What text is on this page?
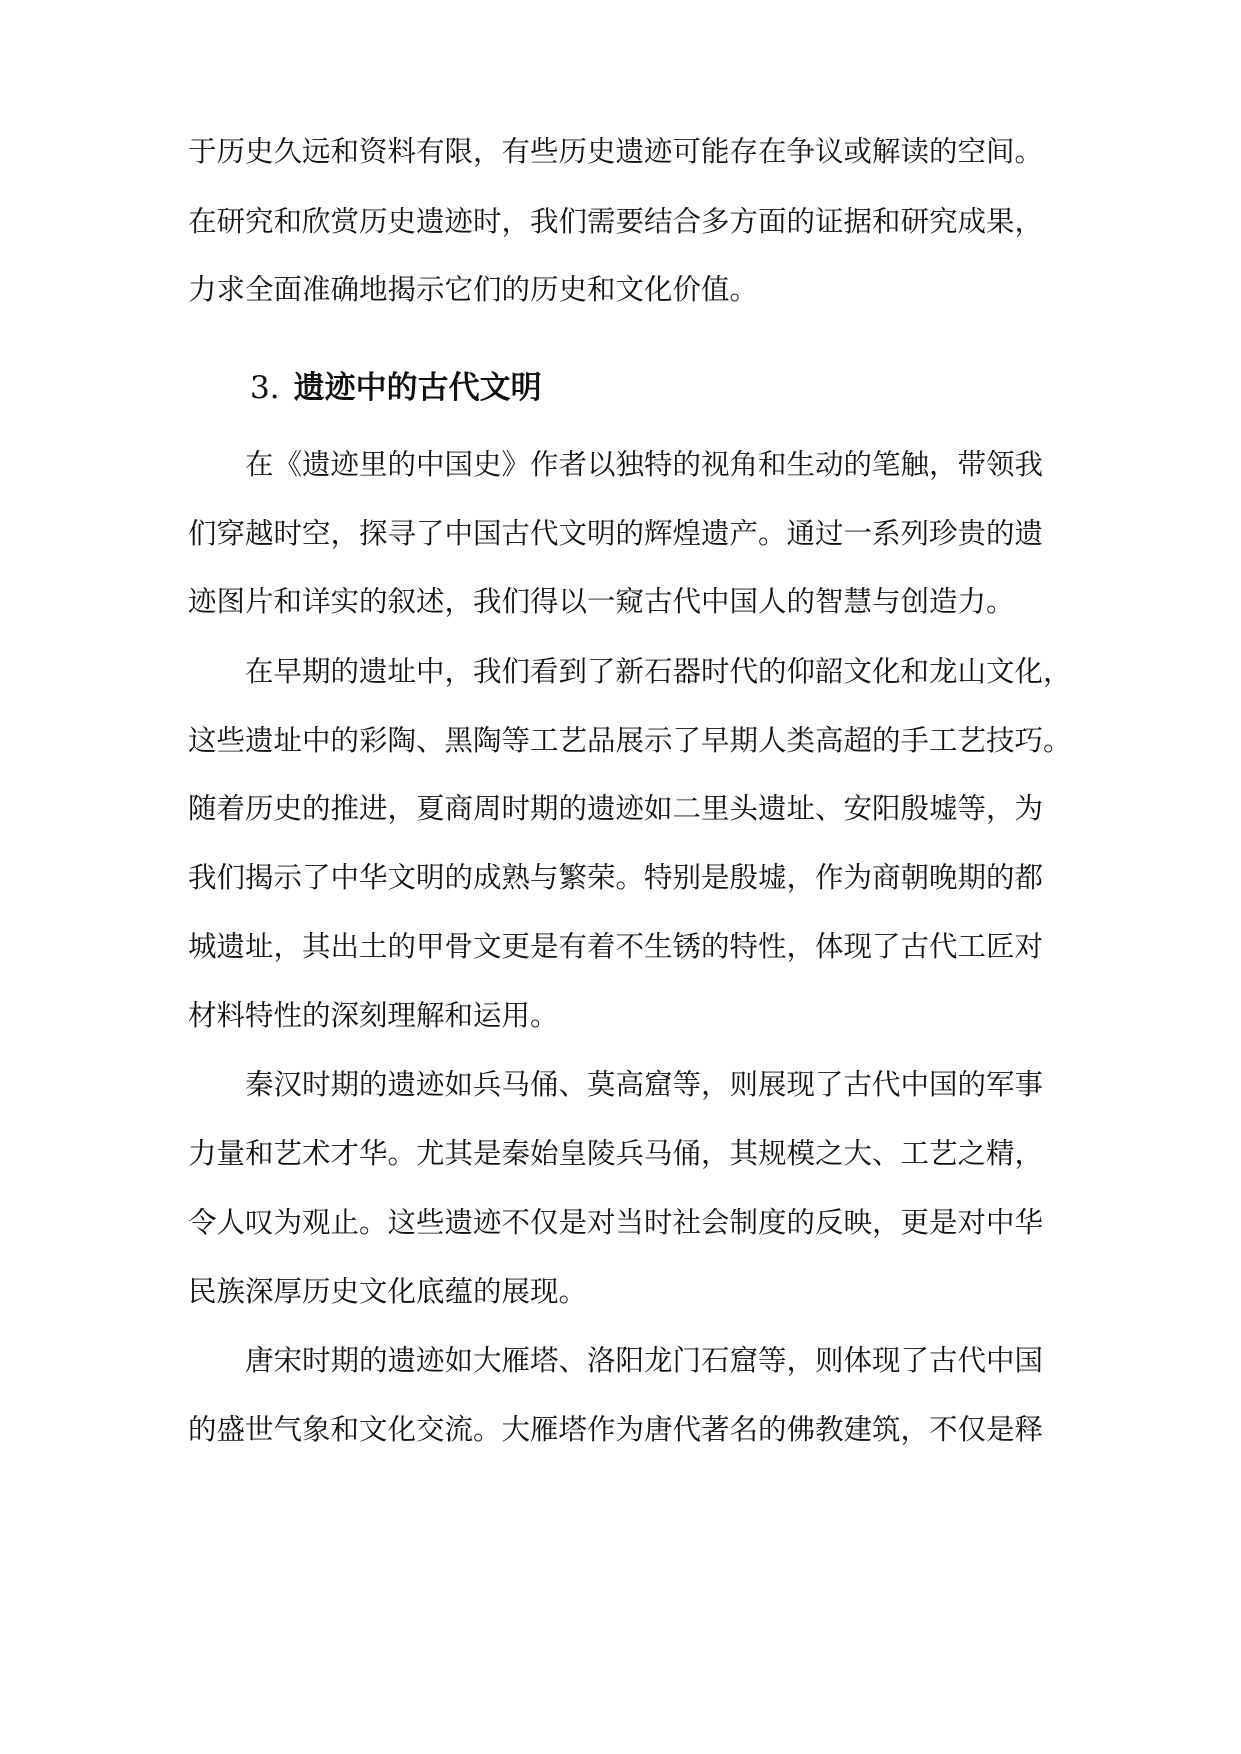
于历史久远和资料有限，有些历史遗迹可能存在争议或解读的空间。
在研究和欣赏历史遗迹时，我们需要结合多方面的证据和研究成果，
力求全面准确地揭示它们的历史和文化价值。
3. 遗迹中的古代文明
在《遗迹里的中国史》作者以独特的视角和生动的笔触，带领我
们穿越时空，探寻了中国古代文明的辉煌遗产。通过一系列珍贵的遗
迹图片和详实的叙述，我们得以一窥古代中国人的智慧与创造力。
在早期的遗址中，我们看到了新石器时代的仰韶文化和龙山文化，
这些遗址中的彩陶、黑陶等工艺品展示了早期人类高超的手工艺技巧。
随着历史的推进，夏商周时期的遗迹如二里头遗址、安阳殷墟等，为
我们揭示了中华文明的成熟与繁荣。特别是殷墟，作为商朝晚期的都
城遗址，其出土的甲骨文更是有着不生锈的特性，体现了古代工匠对
材料特性的深刻理解和运用。
秦汉时期的遗迹如兵马俑、莫高窟等，则展现了古代中国的军事
力量和艺术才华。尤其是秦始皇陵兵马俑，其规模之大、工艺之精，
令人叹为观止。这些遗迹不仅是对当时社会制度的反映，更是对中华
民族深厚历史文化底蕴的展现。
唐宋时期的遗迹如大雁塔、洛阳龙门石窟等，则体现了古代中国
的盛世气象和文化交流。大雁塔作为唐代著名的佛教建筑，不仅是释
